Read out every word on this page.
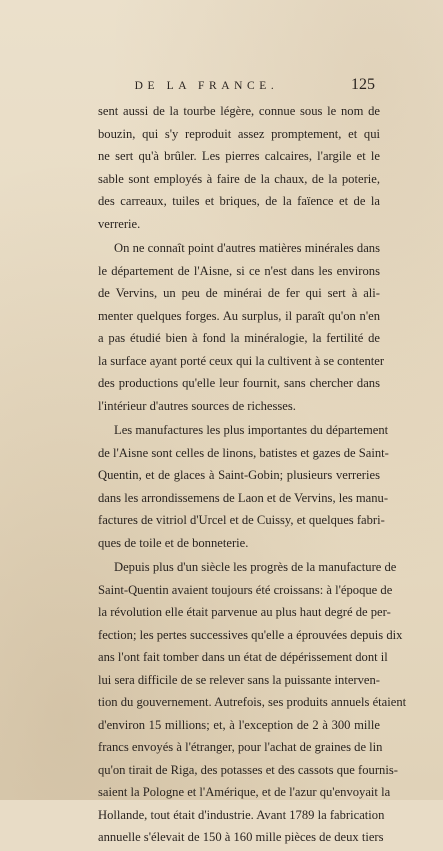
DE LA FRANCE.	125
sent aussi de la tourbe légère, connue sous le nom de
bouzin, qui s'y reproduit assez promptement, et qui
ne sert qu'à brûler. Les pierres calcaires, l'argile et le
sable sont employés à faire de la chaux, de la poterie,
des carreaux, tuiles et briques, de la faïence et de la
verrerie.
On ne connaît point d'autres matières minérales dans
le département de l'Aisne, si ce n'est dans les environs
de Vervins, un peu de minérai de fer qui sert à ali-
menter quelques forges. Au surplus, il paraît qu'on n'en
a pas étudié bien à fond la minéralogie, la fertilité de
la surface ayant porté ceux qui la cultivent à se contenter
des productions qu'elle leur fournit, sans chercher dans
l'intérieur d'autres sources de richesses.
Les manufactures les plus importantes du département
de l'Aisne sont celles de linons, batistes et gazes de Saint-
Quentin, et de glaces à Saint-Gobin; plusieurs verreries
dans les arrondissemens de Laon et de Vervins, les manu-
factures de vitriol d'Urcel et de Cuissy, et quelques fabri-
ques de toile et de bonneterie.
Depuis plus d'un siècle les progrès de la manufacture de
Saint-Quentin avaient toujours été croissans: à l'époque de
la révolution elle était parvenue au plus haut degré de per-
fection; les pertes successives qu'elle a éprouvées depuis dix
ans l'ont fait tomber dans un état de dépérissement dont il
lui sera difficile de se relever sans la puissante interven-
tion du gouvernement. Autrefois, ses produits annuels étaient
d'environ 15 millions; et, à l'exception de 2 à 300 mille
francs envoyés à l'étranger, pour l'achat de graines de lin
qu'on tirait de Riga, des potasses et des cassots que fournis-
saient la Pologne et l'Amérique, et de l'azur qu'envoyait la
Hollande, tout était d'industrie. Avant 1789 la fabrication
annuelle s'élevait de 150 à 160 mille pièces de deux tiers
